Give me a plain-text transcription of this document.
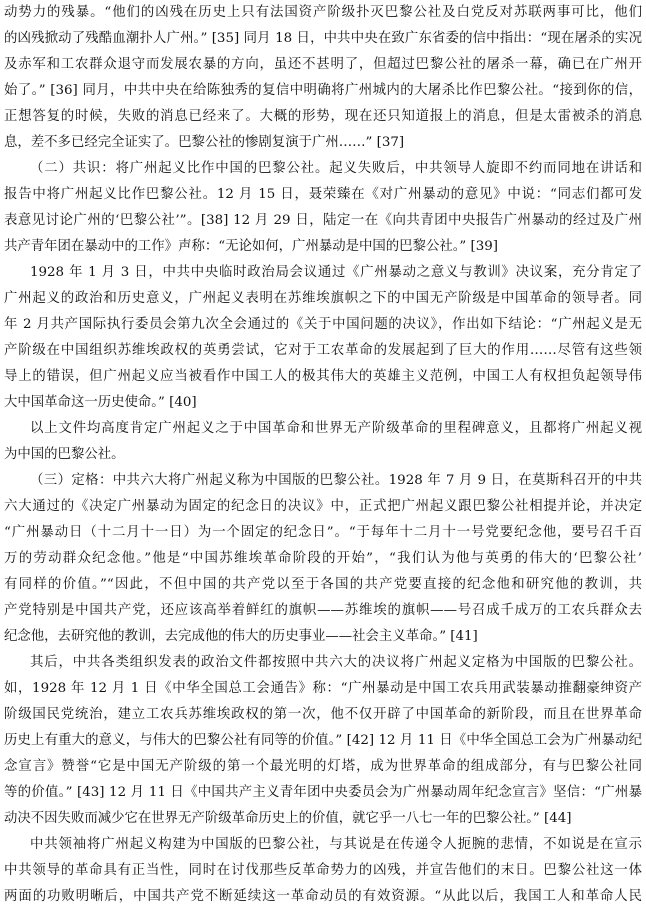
动势力的残暴。“他们的凶残在历史上只有法国资产阶级扑灭巴黎公社及白党反对苏联两事可比，他们
的凶残掀动了残酷血潮扑人广州。” [35] 同月 18 日，中共中央在致广东省委的信中指出：“现在屠杀的实况
及赤军和工农群众退守而发展农暴的方向，虽还不甚明了，但超过巴黎公社的屠杀一幕，确已在广州开
始了。” [36] 同月，中共中央在给陈独秀的复信中明确将广州城内的大屠杀比作巴黎公社。“接到你的信，
正想答复的时候，失败的消息已经来了。大概的形势，现在还只知道报上的消息，但是太雷被杀的消息
息，差不多已经完全证实了。巴黎公社的惨剧复演于广州……” [37]
（二）共识：将广州起义比作中国的巴黎公社。起义失败后，中共领导人旋即不约而同地在讲话和
报告中将广州起义比作巴黎公社。12 月 15 日，聂荣臻在《对广州暴动的意见》中说：“同志们都可发
表意见讨论广州的‘巴黎公社’”。[38] 12 月 29 日，陆定一在《向共青团中央报告广州暴动的经过及广州
共产青年团在暴动中的工作》声称：“无论如何，广州暴动是中国的巴黎公社。” [39]
1928 年 1 月 3 日，中共中央临时政治局会议通过《广州暴动之意义与教训》决议案，充分肯定了
广州起义的政治和历史意义，广州起义表明在苏维埃旗帜之下的中国无产阶级是中国革命的领导者。同
年 2 月共产国际执行委员会第九次全会通过的《关于中国问题的决议》，作出如下结论：“广州起义是无
产阶级在中国组织苏维埃政权的英勇尝试，它对于工农革命的发展起到了巨大的作用……尽管有这些领
导上的错误，但广州起义应当被看作中国工人的极其伟大的英雄主义范例，中国工人有权担负起领导伟
大中国革命这一历史使命。” [40]
以上文件均高度肯定广州起义之于中国革命和世界无产阶级革命的里程碑意义，且都将广州起义视
为中国的巴黎公社。
（三）定格：中共六大将广州起义称为中国版的巴黎公社。1928 年 7 月 9 日，在莫斯科召开的中共
六大通过的《决定广州暴动为固定的纪念日的决议》中，正式把广州起义跟巴黎公社相提并论，并决定
“广州暴动日（十二月十一日）为一个固定的纪念日”。“于每年十二月十一号党要纪念他，要号召千百
万的劳动群众纪念他。”他是“中国苏维埃革命阶段的开始”，“我们认为他与英勇的伟大的‘巴黎公社’
有同样的价值。”“因此，不但中国的共产党以至于各国的共产党要直接的纪念他和研究他的教训，共
产党特别是中国共产党，还应该高举着鲜红的旗帜——苏维埃的旗帜——号召成千成万的工农兵群众去
纪念他，去研究他的教训，去完成他的伟大的历史事业——社会主义革命。” [41]
其后，中共各类组织发表的政治文件都按照中共六大的决议将广州起义定格为中国版的巴黎公社。
如，1928 年 12 月 1 日《中华全国总工会通告》称：“广州暴动是中国工农兵用武装暴动推翻豪绅资产
阶级国民党统治，建立工农兵苏维埃政权的第一次，他不仅开辟了中国革命的新阶段，而且在世界革命
历史上有重大的意义，与伟大的巴黎公社有同等的价值。” [42] 12 月 11 日《中华全国总工会为广州暴动纪
念宣言》赞誉“它是中国无产阶级的第一个最光明的灯塔，成为世界革命的组成部分，有与巴黎公社同
等的价值。” [43] 12 月 11 日《中国共产主义青年团中央委员会为广州暴动周年纪念宣言》坚信：“广州暴
动决不因失败而减少它在世界无产阶级革命历史上的价值，就它乎一八七一年的巴黎公社。” [44]
中共领袖将广州起义构建为中国版的巴黎公社，与其说是在传递令人扼腕的悲情，不如说是在宣示
中共领导的革命具有正当性，同时在讨伐那些反革命势力的凶残，并宣告他们的末日。巴黎公社这一体
两面的功败明晰后，中国共产党不断延续这一革命动员的有效资源。“从此以后，我国工人和革命人民
